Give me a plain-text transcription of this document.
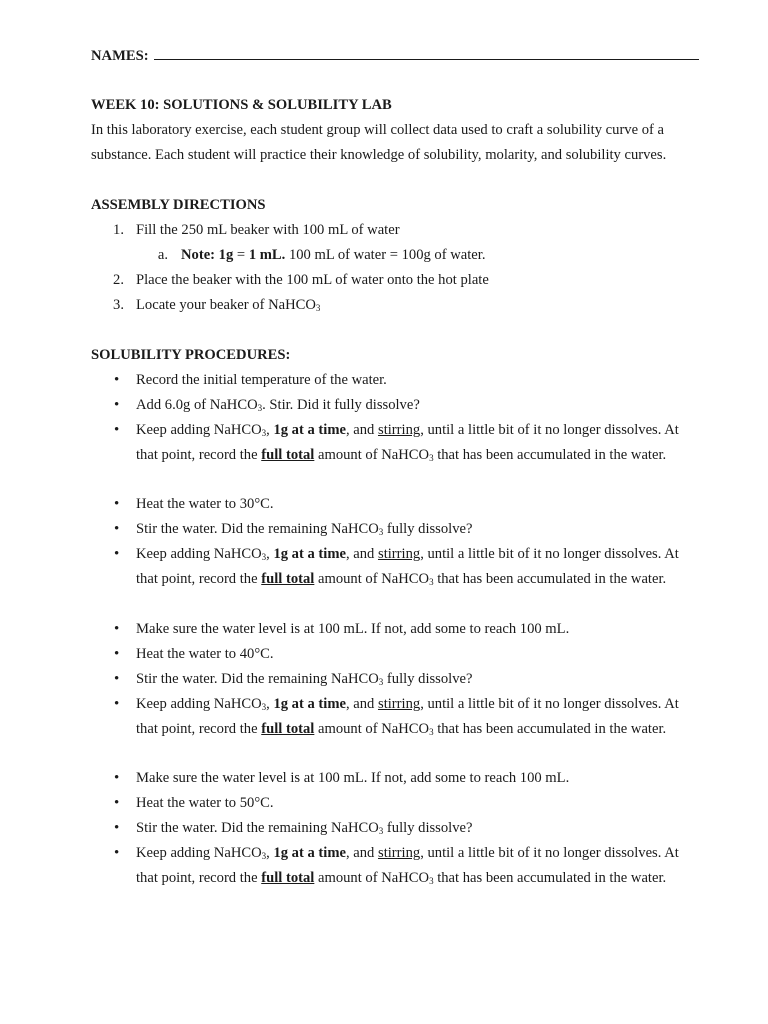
NAMES:
WEEK 10: SOLUTIONS & SOLUBILITY LAB
In this laboratory exercise, each student group will collect data used to craft a solubility curve of a
substance. Each student will practice their knowledge of solubility, molarity, and solubility curves.
ASSEMBLY DIRECTIONS
1. Fill the 250 mL beaker with 100 mL of water
a. Note: 1g = 1 mL. 100 mL of water = 100g of water.
2. Place the beaker with the 100 mL of water onto the hot plate
3. Locate your beaker of NaHCO$_3$
SOLUBILITY PROCEDURES:
• Record the initial temperature of the water.
• Add 6.0g of NaHCO$_3$. Stir. Did it fully dissolve?
• Keep adding NaHCO$_3$, 1g at a time, and stirring, until a little bit of it no longer dissolves. At
that point, record the full total amount of NaHCO$_3$ that has been accumulated in the water.
• Heat the water to 30°C.
• Stir the water. Did the remaining NaHCO$_3$ fully dissolve?
• Keep adding NaHCO$_3$, 1g at a time, and stirring, until a little bit of it no longer dissolves. At
that point, record the full total amount of NaHCO$_3$ that has been accumulated in the water.
• Make sure the water level is at 100 mL. If not, add some to reach 100 mL.
• Heat the water to 40°C.
• Stir the water. Did the remaining NaHCO$_3$ fully dissolve?
• Keep adding NaHCO$_3$, 1g at a time, and stirring, until a little bit of it no longer dissolves. At
that point, record the full total amount of NaHCO$_3$ that has been accumulated in the water.
• Make sure the water level is at 100 mL. If not, add some to reach 100 mL.
• Heat the water to 50°C.
• Stir the water. Did the remaining NaHCO$_3$ fully dissolve?
• Keep adding NaHCO$_3$, 1g at a time, and stirring, until a little bit of it no longer dissolves. At
that point, record the full total amount of NaHCO$_3$ that has been accumulated in the water.
